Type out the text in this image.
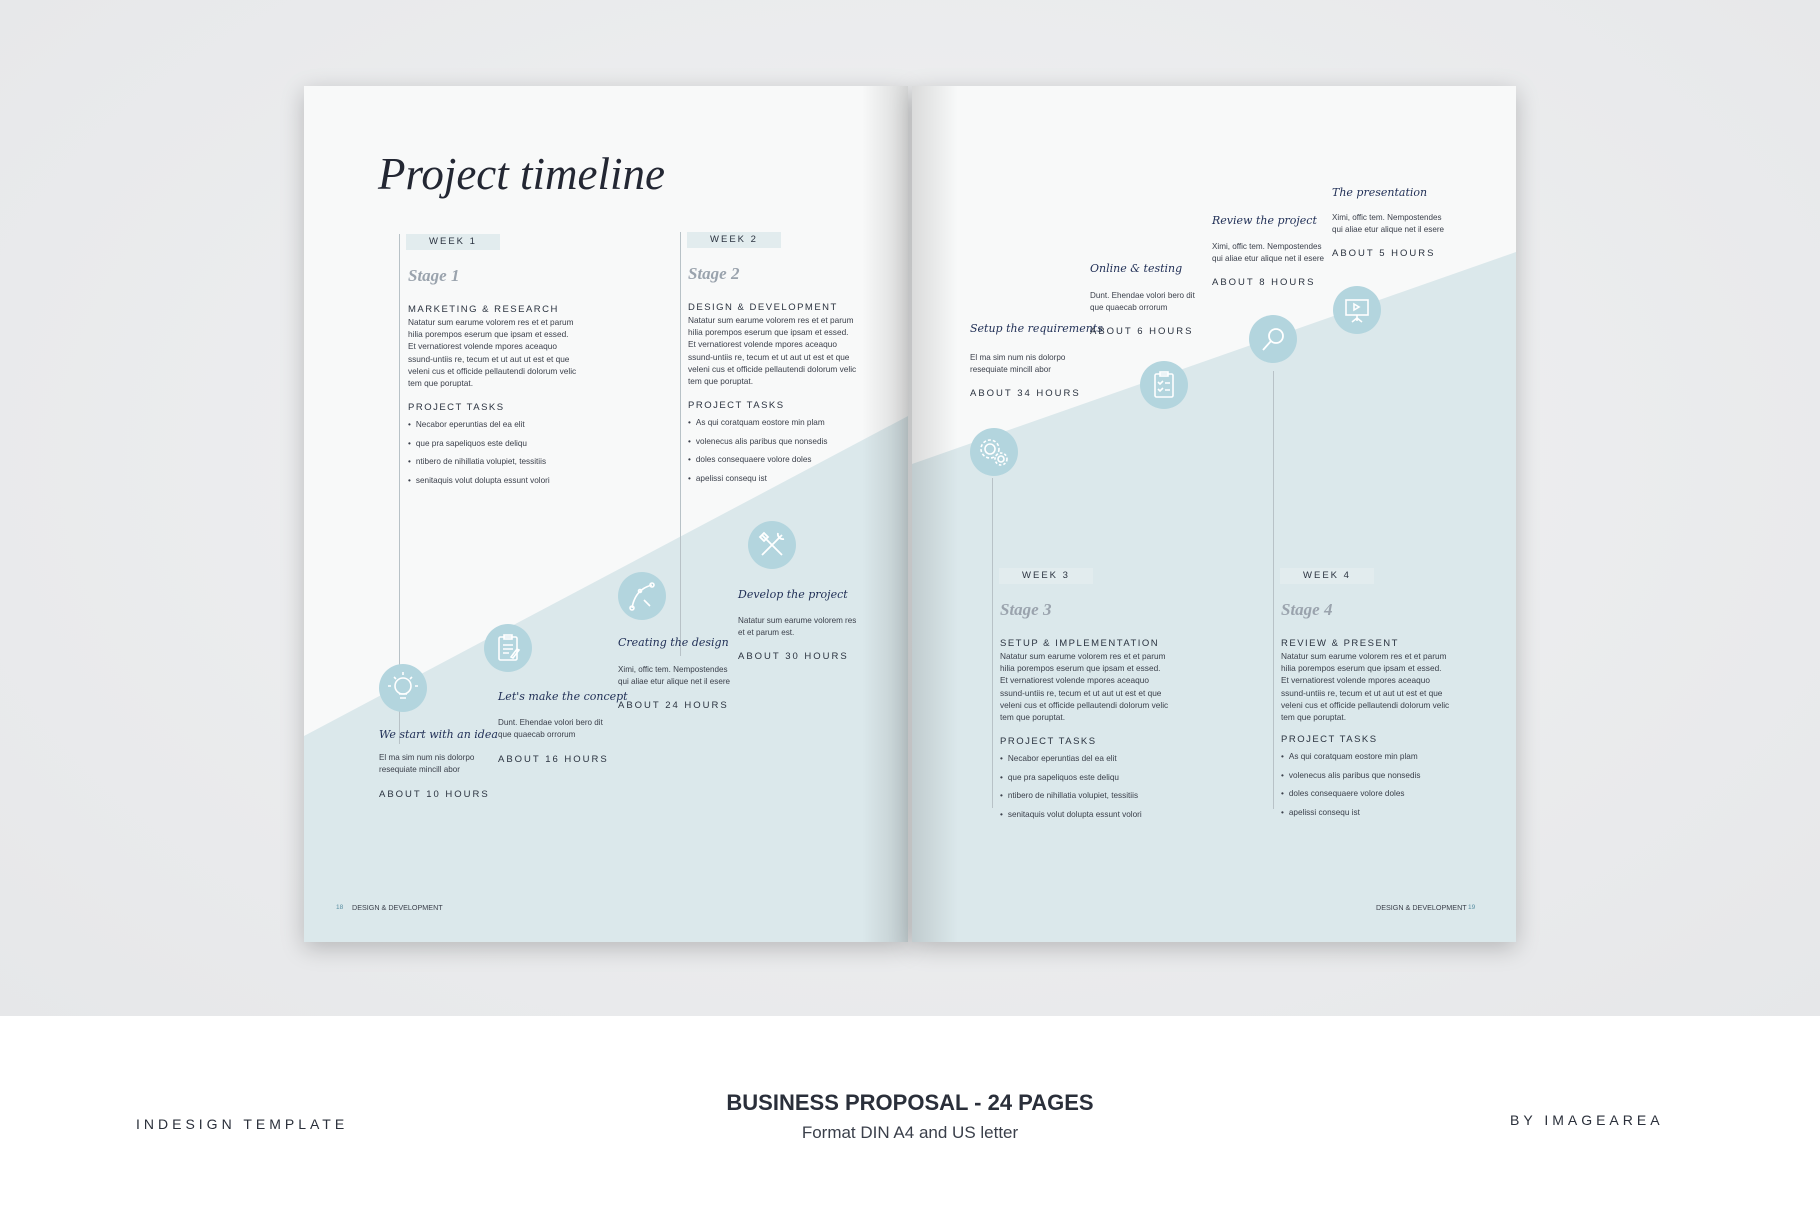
Project timeline
WEEK 1
Stage 1
MARKETING & RESEARCH
Natatur sum earume volorem res et et parum hilia porempos eserum que ipsam et essed. Et vernatiorest volende mpores aceaquo ssund-untiis re, tecum et ut aut ut est et que veleni cus et officide pellautendi dolorum velic tem que poruptat.
PROJECT TASKS
• Necabor eperuntias del ea elit
• que pra sapeliquos este deliqu
• ntibero de nihillatia volupiet, tessitiis
• senitaquis volut dolupta essunt volori
WEEK 2
Stage 2
DESIGN & DEVELOPMENT
Natatur sum earume volorem res et et parum hilia porempos eserum que ipsam et essed. Et vernatiorest volende mpores aceaquo ssund-untiis re, tecum et ut aut ut est et que veleni cus et officide pellautendi dolorum velic tem que poruptat.
PROJECT TASKS
• As qui coratquam eostore min plam
• volenecus alis paribus que nonsedis
• doles consequaere volore doles
• apelissi consequ ist
We start with an idea
El ma sim num nis dolorpo resequiate mincill abor
ABOUT 10 HOURS
Let's make the concept
Dunt. Ehendae volori bero dit que quaecab orrorum
ABOUT 16 HOURS
Creating the design
Ximi, offic tem. Nempostendes qui aliae etur alique net il esere
ABOUT 24 HOURS
Develop the project
Natatur sum earume volorem res et et parum est.
ABOUT 30 HOURS
18 DESIGN & DEVELOPMENT
Setup the requirements
El ma sim num nis dolorpo resequiate mincill abor
ABOUT 34 HOURS
Online & testing
Dunt. Ehendae volori bero dit que quaecab orrorum
ABOUT 6 HOURS
Review the project
Ximi, offic tem. Nempostendes qui aliae etur alique net il esere
ABOUT 8 HOURS
The presentation
Ximi, offic tem. Nempostendes qui aliae etur alique net il esere
ABOUT 5 HOURS
WEEK 3
Stage 3
SETUP & IMPLEMENTATION
Natatur sum earume volorem res et et parum hilia porempos eserum que ipsam et essed. Et vernatiorest volende mpores aceaquo ssund-untiis re, tecum et ut aut ut est et que veleni cus et officide pellautendi dolorum velic tem que poruptat.
PROJECT TASKS
• Necabor eperuntias del ea elit
• que pra sapeliquos este deliqu
• ntibero de nihillatia volupiet, tessitiis
• senitaquis volut dolupta essunt volori
WEEK 4
Stage 4
REVIEW & PRESENT
Natatur sum earume volorem res et et parum hilia porempos eserum que ipsam et essed. Et vernatiorest volende mpores aceaquo ssund-untiis re, tecum et ut aut ut est et que veleni cus et officide pellautendi dolorum velic tem que poruptat.
PROJECT TASKS
• As qui coratquam eostore min plam
• volenecus alis paribus que nonsedis
• doles consequaere volore doles
• apelissi consequ ist
DESIGN & DEVELOPMENT 19
INDESIGN TEMPLATE
BUSINESS PROPOSAL - 24 PAGES
Format DIN A4 and US letter
BY IMAGEAREA
